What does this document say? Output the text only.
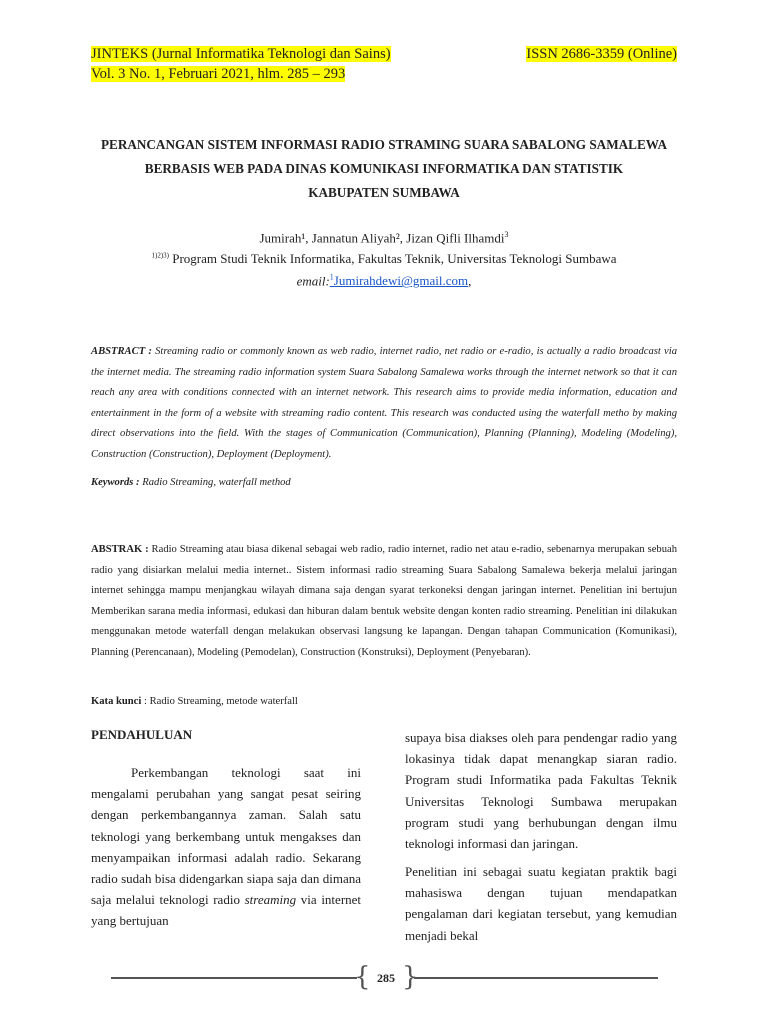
JINTEKS (Jurnal Informatika Teknologi dan Sains)
Vol. 3 No. 1, Februari 2021, hlm. 285 – 293
ISSN 2686-3359 (Online)
PERANCANGAN SISTEM INFORMASI RADIO STRAMING SUARA SABALONG SAMALEWA
BERBASIS WEB PADA DINAS KOMUNIKASI INFORMATIKA DAN STATISTIK
KABUPATEN SUMBAWA
Jumirah¹, Jannatun Aliyah², Jizan Qifli Ilhamdi$^3$
$^{1)2)3)}$ Program Studi Teknik Informatika, Fakultas Teknik, Universitas Teknologi Sumbawa
email:$^1$Jumirahdewi@gmail.com,
ABSTRACT : Streaming radio or commonly known as web radio, internet radio, net radio or e-radio, is actually a radio broadcast via the internet media. The streaming radio information system Suara Sabalong Samalewa works through the internet network so that it can reach any area with conditions connected with an internet network. This research aims to provide media information, education and entertainment in the form of a website with streaming radio content. This research was conducted using the waterfall metho by making direct observations into the field. With the stages of Communication (Communication), Planning (Planning), Modeling (Modeling), Construction (Construction), Deployment (Deployment).
Keywords : Radio Streaming, waterfall method
ABSTRAK : Radio Streaming atau biasa dikenal sebagai web radio, radio internet, radio net atau e-radio, sebenarnya merupakan sebuah radio yang disiarkan melalui media internet.. Sistem informasi radio streaming Suara Sabalong Samalewa bekerja melalui jaringan internet sehingga mampu menjangkau wilayah dimana saja dengan syarat terkoneksi dengan jaringan internet. Penelitian ini bertujun Memberikan sarana media informasi, edukasi dan hiburan dalam bentuk website dengan konten radio streaming. Penelitian ini dilakukan menggunakan metode waterfall dengan melakukan observasi langsung ke lapangan. Dengan tahapan Communication (Komunikasi), Planning (Perencanaan), Modeling (Pemodelan), Construction (Konstruksi), Deployment (Penyebaran).
Kata kunci : Radio Streaming, metode waterfall
PENDAHULUAN
Perkembangan teknologi saat ini mengalami perubahan yang sangat pesat seiring dengan perkembangannya zaman. Salah satu teknologi yang berkembang untuk mengakses dan menyampaikan informasi adalah radio. Sekarang radio sudah bisa didengarkan siapa saja dan dimana saja melalui teknologi radio streaming via internet yang bertujuan
supaya bisa diakses oleh para pendengar radio yang lokasinya tidak dapat menangkap siaran radio. Program studi Informatika pada Fakultas Teknik Universitas Teknologi Sumbawa merupakan program studi yang berhubungan dengan ilmu teknologi informasi dan jaringan.
Penelitian ini sebagai suatu kegiatan praktik bagi mahasiswa dengan tujuan mendapatkan pengalaman dari kegiatan tersebut, yang kemudian menjadi bekal
{ }
285
